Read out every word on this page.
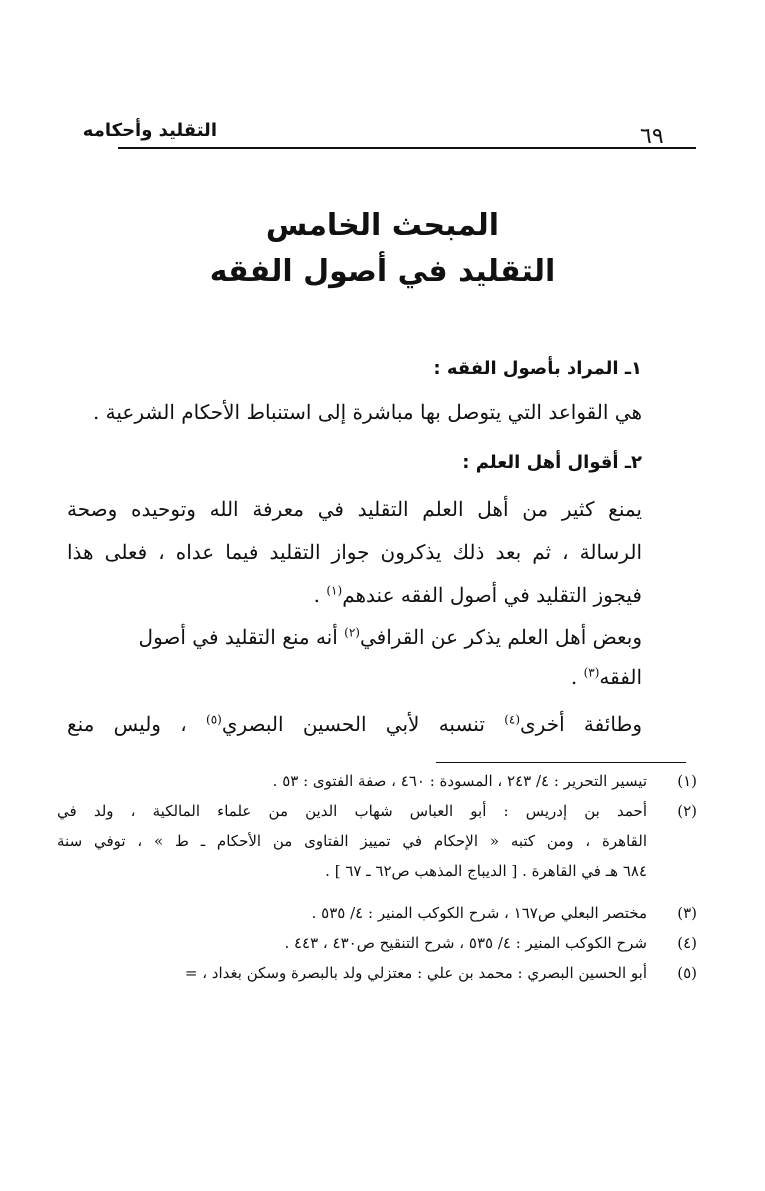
التقليد وأحكامه	٦٩
المبحث الخامس
التقليد في أصول الفقه
١ـ المراد بأصول الفقه :
هي القواعد التي يتوصل بها مباشرة إلى استنباط الأحكام الشرعية .
٢ـ أقوال أهل العلم :
يمنع كثير من أهل العلم التقليد في معرفة الله وتوحيده وصحة
الرسالة ، ثم بعد ذلك يذكرون جواز التقليد فيما عداه ، فعلى هذا
فيجوز التقليد في أصول الفقه عندهم$^{(١)}$ .
وبعض أهل العلم يذكر عن القرافي$^{(٢)}$ أنه منع التقليد في أصول
الفقه$^{(٣)}$ .
وطائفة أخرى$^{(٤)}$ تنسبه لأبي الحسين البصري$^{(٥)}$ ، وليس منع
(١)
تيسير التحرير : ٤/ ٢٤٣ ، المسودة : ٤٦٠ ، صفة الفتوى : ٥٣ .
(٢)
أحمد بن إدريس : أبو العباس شهاب الدين من علماء المالكية ، ولد في
القاهرة ، ومن كتبه « الإحكام في تمييز الفتاوى من الأحكام ـ ط » ، توفي سنة
٦٨٤ هـ في القاهرة . [ الديباج المذهب ص٦٢ ـ ٦٧ ] .
(٣)
مختصر البعلي ص١٦٧ ، شرح الكوكب المنير : ٤/ ٥٣٥ .
(٤)
شرح الكوكب المنير : ٤/ ٥٣٥ ، شرح التنقيح ص٤٣٠ ، ٤٤٣ .
(٥)
أبو الحسين البصري : محمد بن علي : معتزلي ولد بالبصرة وسكن بغداد ، =
